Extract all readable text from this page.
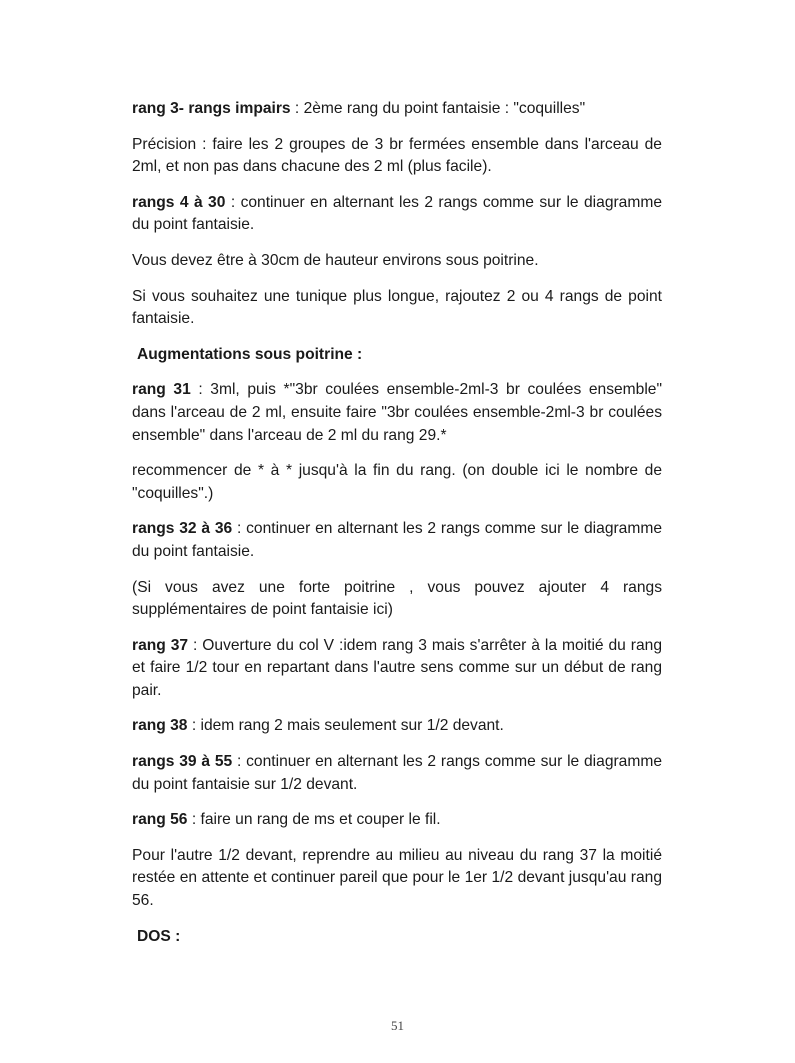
rang 3- rangs impairs : 2ème rang du point fantaisie : "coquilles"

Précision : faire les 2 groupes de 3 br fermées ensemble dans l'arceau de 2ml, et non pas dans chacune des 2 ml (plus facile).

rangs 4 à 30 : continuer en alternant les 2 rangs comme sur le diagramme du point fantaisie.

Vous devez être à 30cm de hauteur environs sous poitrine.

Si vous souhaitez une tunique plus longue, rajoutez 2 ou 4 rangs de point fantaisie.

Augmentations sous poitrine :

rang 31 : 3ml, puis *"3br coulées ensemble-2ml-3 br coulées ensemble" dans l'arceau de 2 ml, ensuite faire "3br coulées ensemble-2ml-3 br coulées ensemble" dans l'arceau de 2 ml du rang 29.*

recommencer de * à * jusqu'à la fin du rang. (on double ici le nombre de "coquilles".)

rangs 32 à 36 : continuer en alternant les 2 rangs comme sur le diagramme du point fantaisie.

(Si vous avez une forte poitrine , vous pouvez ajouter 4 rangs supplémentaires de point fantaisie ici)

rang 37 : Ouverture du col V :idem rang 3 mais s'arrêter à la moitié du rang et faire 1/2 tour en repartant dans l'autre sens comme sur un début de rang pair.

rang 38 : idem rang 2 mais seulement sur 1/2 devant.

rangs 39 à 55 : continuer en alternant les 2 rangs comme sur le diagramme du point fantaisie sur 1/2 devant.

rang 56 : faire un rang de ms et couper le fil.

Pour l'autre 1/2 devant, reprendre au milieu au niveau du rang 37 la moitié restée en attente et continuer pareil que pour le 1er 1/2 devant jusqu'au rang 56.

DOS :
51
